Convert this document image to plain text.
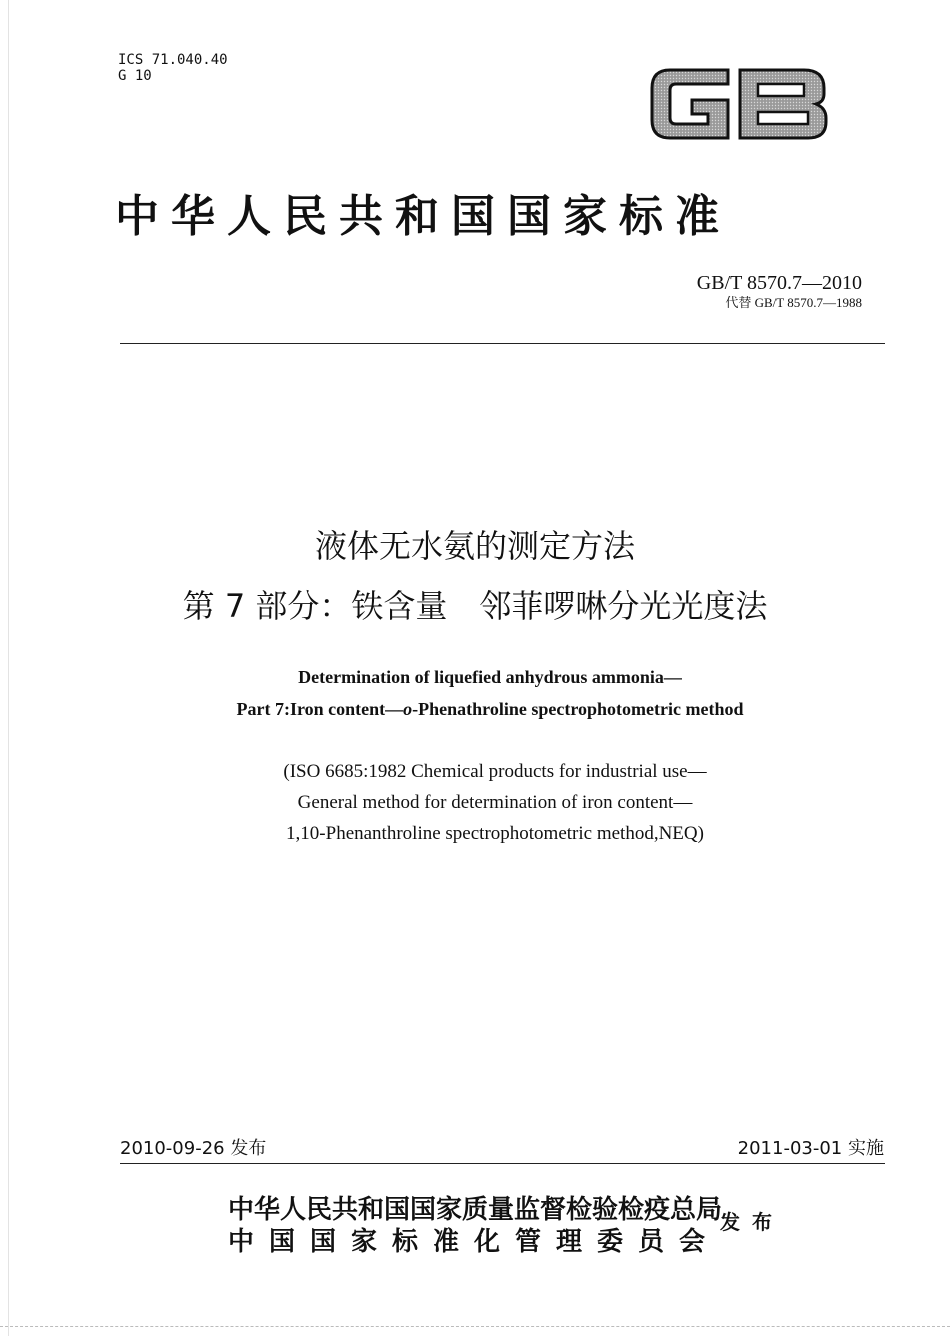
ICS 71.040.40
G 10
GB
中华人民共和国国家标准
GB/T 8570.7—2010
代替 GB/T 8570.7—1988
液体无水氨的测定方法
第 7 部分：铁含量　邻菲啰啉分光光度法
Determination of liquefied anhydrous ammonia—
Part 7:Iron content—o-Phenathroline spectrophotometric method
(ISO 6685:1982 Chemical products for industrial use—
General method for determination of iron content—
1,10-Phenanthroline spectrophotometric method,NEQ)
2010-09-26 发布	2011-03-01 实施
中华人民共和国国家质量监督检验检疫总局
中国国家标准化管理委员会
发布
